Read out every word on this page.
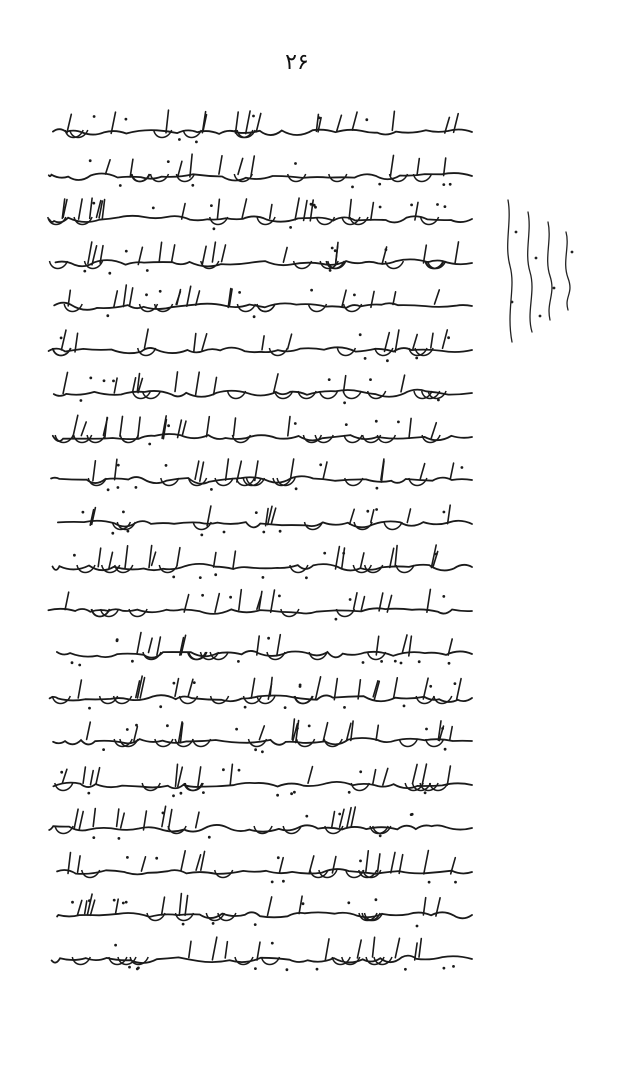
۲۶
